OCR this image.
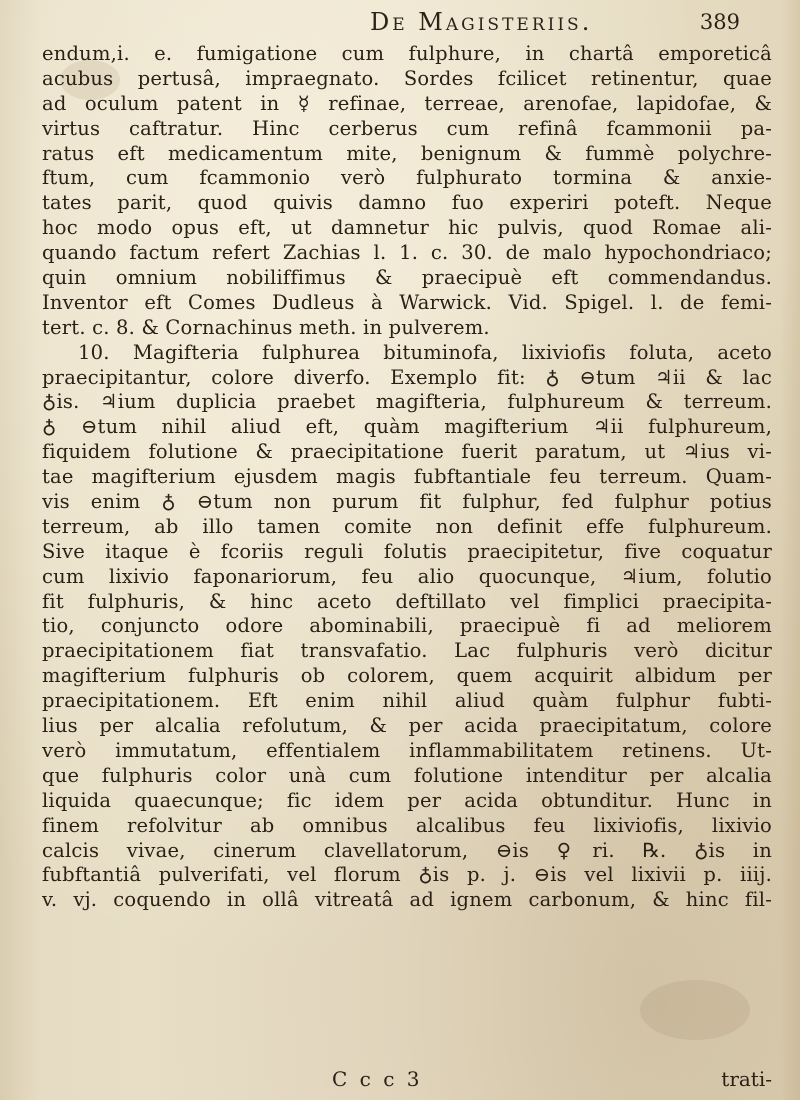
De Magisteriis.	389
endum,i. e. fumigatione cum fulphure, in chartâ emporeticâ
acubus pertusâ, impraegnato. Sordes fcilicet retinentur, quae
ad oculum patent in ☿ refinae, terreae, arenofae, lapidofae, &
virtus caftratur. Hinc cerberus cum refinâ fcammonii pa-
ratus eft medicamentum mite, benignum & fummè polychre-
ftum, cum fcammonio verò fulphurato tormina & anxie-
tates parit, quod quivis damno fuo experiri poteft. Neque
hoc modo opus eft, ut damnetur hic pulvis, quod Romae ali-
quando factum refert Zachias l. 1. c. 30. de malo hypochondriaco;
quin omnium nobiliffimus & praecipuè eft commendandus.
Inventor eft Comes Dudleus à Warwick. Vid. Spigel. l. de femi-
tert. c. 8. & Cornachinus meth. in pulverem.
10. Magifteria fulphurea bituminofa, lixiviofis foluta, aceto
praecipitantur, colore diverfo. Exemplo fit: ♁ ⊖tum ♃ii & lac
♁is. ♃ium duplicia praebet magifteria, fulphureum & terreum.
♁ ⊖tum nihil aliud eft, quàm magifterium ♃ii fulphureum,
fiquidem folutione & praecipitatione fuerit paratum, ut ♃ius vi-
tae magifterium ejusdem magis fubftantiale feu terreum. Quam-
vis enim ♁ ⊖tum non purum fit fulphur, fed fulphur potius
terreum, ab illo tamen comite non definit effe fulphureum.
Sive itaque è fcoriis reguli folutis praecipitetur, five coquatur
cum lixivio faponariorum, feu alio quocunque, ♃ium, folutio
fit fulphuris, & hinc aceto deftillato vel fimplici praecipita-
tio, conjuncto odore abominabili, praecipuè fi ad meliorem
praecipitationem fiat transvafatio. Lac fulphuris verò dicitur
magifterium fulphuris ob colorem, quem acquirit albidum per
praecipitationem. Eft enim nihil aliud quàm fulphur fubti-
lius per alcalia refolutum, & per acida praecipitatum, colore
verò immutatum, effentialem inflammabilitatem retinens. Ut-
que fulphuris color unà cum folutione intenditur per alcalia
liquida quaecunque; fic idem per acida obtunditur. Hunc in
finem refolvitur ab omnibus alcalibus feu lixiviofis, lixivio
calcis vivae, cinerum clavellatorum, ⊖is ♀ri. ℞. ♁is in
fubftantiâ pulverifati, vel florum ♁is p. j. ⊖is vel lixivii p. iiij.
v. vj. coquendo in ollâ vitreatâ ad ignem carbonum, & hinc fil-
C c c 3	trati-
